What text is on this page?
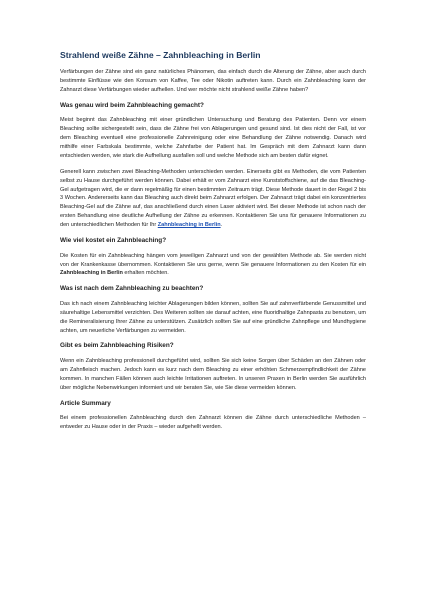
Strahlend weiße Zähne – Zahnbleaching in Berlin

Verfärbungen der Zähne sind ein ganz natürliches Phänomen, das einfach durch die Alterung der Zähne, aber auch durch bestimmte Einflüsse wie den Konsum von Kaffee, Tee oder Nikotin auftreten kann. Durch ein Zahnbleaching kann der Zahnarzt diese Verfärbungen wieder aufhellen. Und wer möchte nicht strahlend weiße Zähne haben?

Was genau wird beim Zahnbleaching gemacht?

Meist beginnt das Zahnbleaching mit einer gründlichen Untersuchung und Beratung des Patienten. Denn vor einem Bleaching sollte sichergestellt sein, dass die Zähne frei von Ablagerungen und gesund sind. Ist dies nicht der Fall, ist vor dem Bleaching eventuell eine professionelle Zahnreinigung oder eine Behandlung der Zähne notwendig. Danach wird mithilfe einer Farbskala bestimmte, welche Zahnfarbe der Patient hat. Im Gespräch mit dem Zahnarzt kann dann entschieden werden, wie stark die Aufhellung ausfallen soll und welche Methode sich am besten dafür eignet.

Generell kann zwischen zwei Bleaching-Methoden unterschieden werden. Einerseits gibt es Methoden, die vom Patienten selbst zu Hause durchgeführt werden können. Dabei erhält er vom Zahnarzt eine Kunststoffschiene, auf die das Bleaching-Gel aufgetragen wird, die er dann regelmäßig für einen bestimmten Zeitraum trägt. Diese Methode dauert in der Regel 2 bis 3 Wochen. Andererseits kann das Bleaching auch direkt beim Zahnarzt erfolgen. Der Zahnarzt trägt dabei ein konzentriertes Bleaching-Gel auf die Zähne auf, das anschließend durch einen Laser aktiviert wird. Bei dieser Methode ist schon nach der ersten Behandlung eine deutliche Aufhellung der Zähne zu erkennen. Kontaktieren Sie uns für genauere Informationen zu den unterschiedlichen Methoden für Ihr Zahnbleaching in Berlin.

Wie viel kostet ein Zahnbleaching?

Die Kosten für ein Zahnbleaching hängen vom jeweiligen Zahnarzt und von der gewählten Methode ab. Sie werden nicht von der Krankenkasse übernommen. Kontaktieren Sie uns gerne, wenn Sie genauere Informationen zu den Kosten für ein Zahnbleaching in Berlin erhalten möchten.

Was ist nach dem Zahnbleaching zu beachten?

Das ich nach einem Zahnbleaching leichter Ablagerungen bilden können, sollten Sie auf zahnverfärbende Genussmittel und säurehaltige Lebensmittel verzichten. Des Weiteren sollten sie darauf achten, eine fluoridhaltige Zahnpasta zu benutzen, um die Remineralisierung Ihrer Zähne zu unterstützen. Zusätzlich sollten Sie auf eine gründliche Zahnpflege und Mundhygiene achten, um neuerliche Verfärbungen zu vermeiden.

Gibt es beim Zahnbleaching Risiken?

Wenn ein Zahnbleaching professionell durchgeführt wird, sollten Sie sich keine Sorgen über Schäden an den Zähnen oder am Zahnfleisch machen. Jedoch kann es kurz nach dem Bleaching zu einer erhöhten Schmerzempfindlichkeit der Zähne kommen. In manchen Fällen können auch leichte Irritationen auftreten. In unseren Praxen in Berlin werden Sie ausführlich über mögliche Nebenwirkungen informiert und wir beraten Sie, wie Sie diese vermeiden können.

Article Summary

Bei einem professionellen Zahnbleaching durch den Zahnarzt können die Zähne durch unterschiedliche Methoden – entweder zu Hause oder in der Praxis – wieder aufgehellt werden.
